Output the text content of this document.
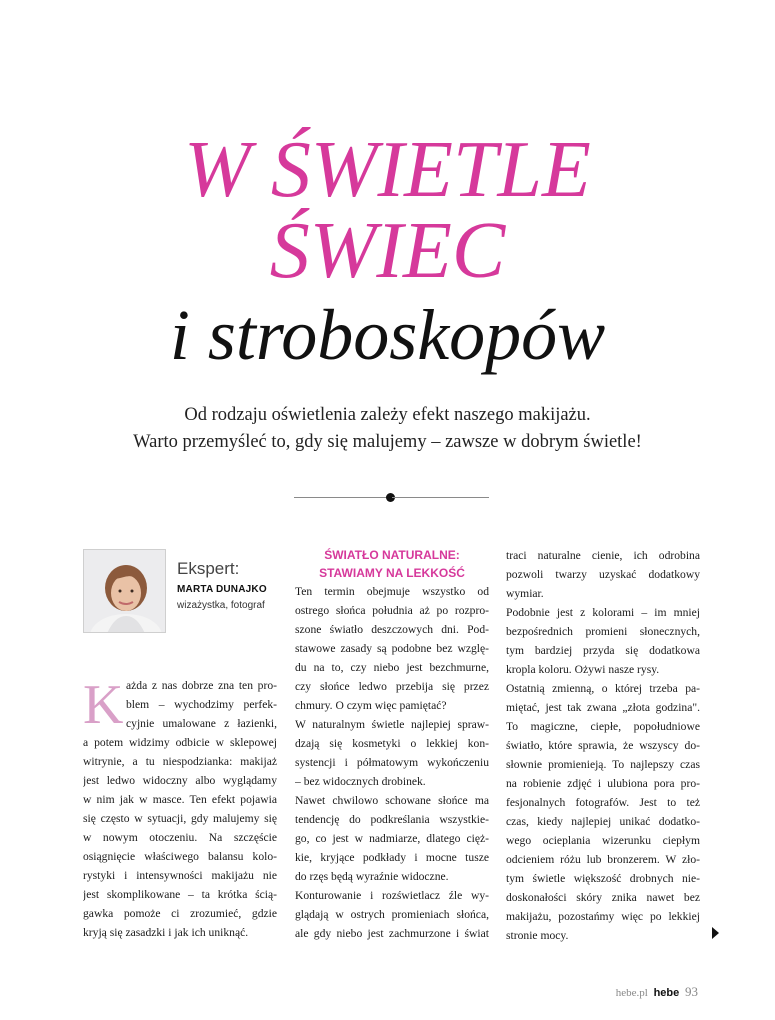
W ŚWIETLE
ŚWIEC
i stroboskopów
Od rodzaju oświetlenia zależy efekt naszego makijażu.
Warto przemyśleć to, gdy się malujemy – zawsze w dobrym świetle!
Ekspert:
MARTA DUNAJKO
wizażystka, fotograf
K ażda z nas dobrze zna ten pro-
blem – wychodzimy perfek-
cyjnie umalowane z łazienki,
a potem widzimy odbicie w sklepowej
witrynie, a tu niespodzianka: makijaż
jest ledwo widoczny albo wyglądamy
w nim jak w masce. Ten efekt pojawia
się często w sytuacji, gdy malujemy się
w nowym otoczeniu. Na szczęście
osiągnięcie właściwego balansu kolo-
rystyki i intensywności makijażu nie
jest skomplikowane – ta krótka ścią-
gawka pomoże ci zrozumieć, gdzie
kryją się zasadzki i jak ich uniknąć.
ŚWIATŁO NATURALNE:
STAWIAMY NA LEKKOŚĆ
Ten termin obejmuje wszystko od
ostrego słońca południa aż po rozpro-
szone światło deszczowych dni. Pod-
stawowe zasady są podobne bez wzglę-
du na to, czy niebo jest bezchmurne,
czy słońce ledwo przebija się przez
chmury. O czym więc pamiętać?
W naturalnym świetle najlepiej spraw-
dzają się kosmetyki o lekkiej kon-
systencji i półmatowym wykończeniu
– bez widocznych drobinek.
Nawet chwilowo schowane słońce ma
tendencję do podkreślania wszystkie-
go, co jest w nadmiarze, dlatego cięż-
kie, kryjące podkłady i mocne tusze
do rzęs będą wyraźnie widoczne.
Konturowanie i rozświetlacz źle wy-
glądają w ostrych promieniach słońca,
ale gdy niebo jest zachmurzone i świat
traci naturalne cienie, ich odrobina
pozwoli twarzy uzyskać dodatkowy
wymiar.
Podobnie jest z kolorami – im mniej
bezpośrednich promieni słonecznych,
tym bardziej przyda się dodatkowa
kropla koloru. Ożywi nasze rysy.
Ostatnią zmienną, o której trzeba pa-
miętać, jest tak zwana „złota godzina".
To magiczne, ciepłe, popołudniowe
światło, które sprawia, że wszyscy do-
słownie promienieją. To najlepszy czas
na robienie zdjęć i ulubiona pora pro-
fesjonalnych fotografów. Jest to też
czas, kiedy najlepiej unikać dodatko-
wego ocieplania wizerunku ciepłym
odcieniem różu lub bronzerem. W zło-
tym świetle większość drobnych nie-
doskonałości skóry znika nawet bez
makijażu, pozostańmy więc po lekkiej
stronie mocy.
hebe.pl hebe 93
